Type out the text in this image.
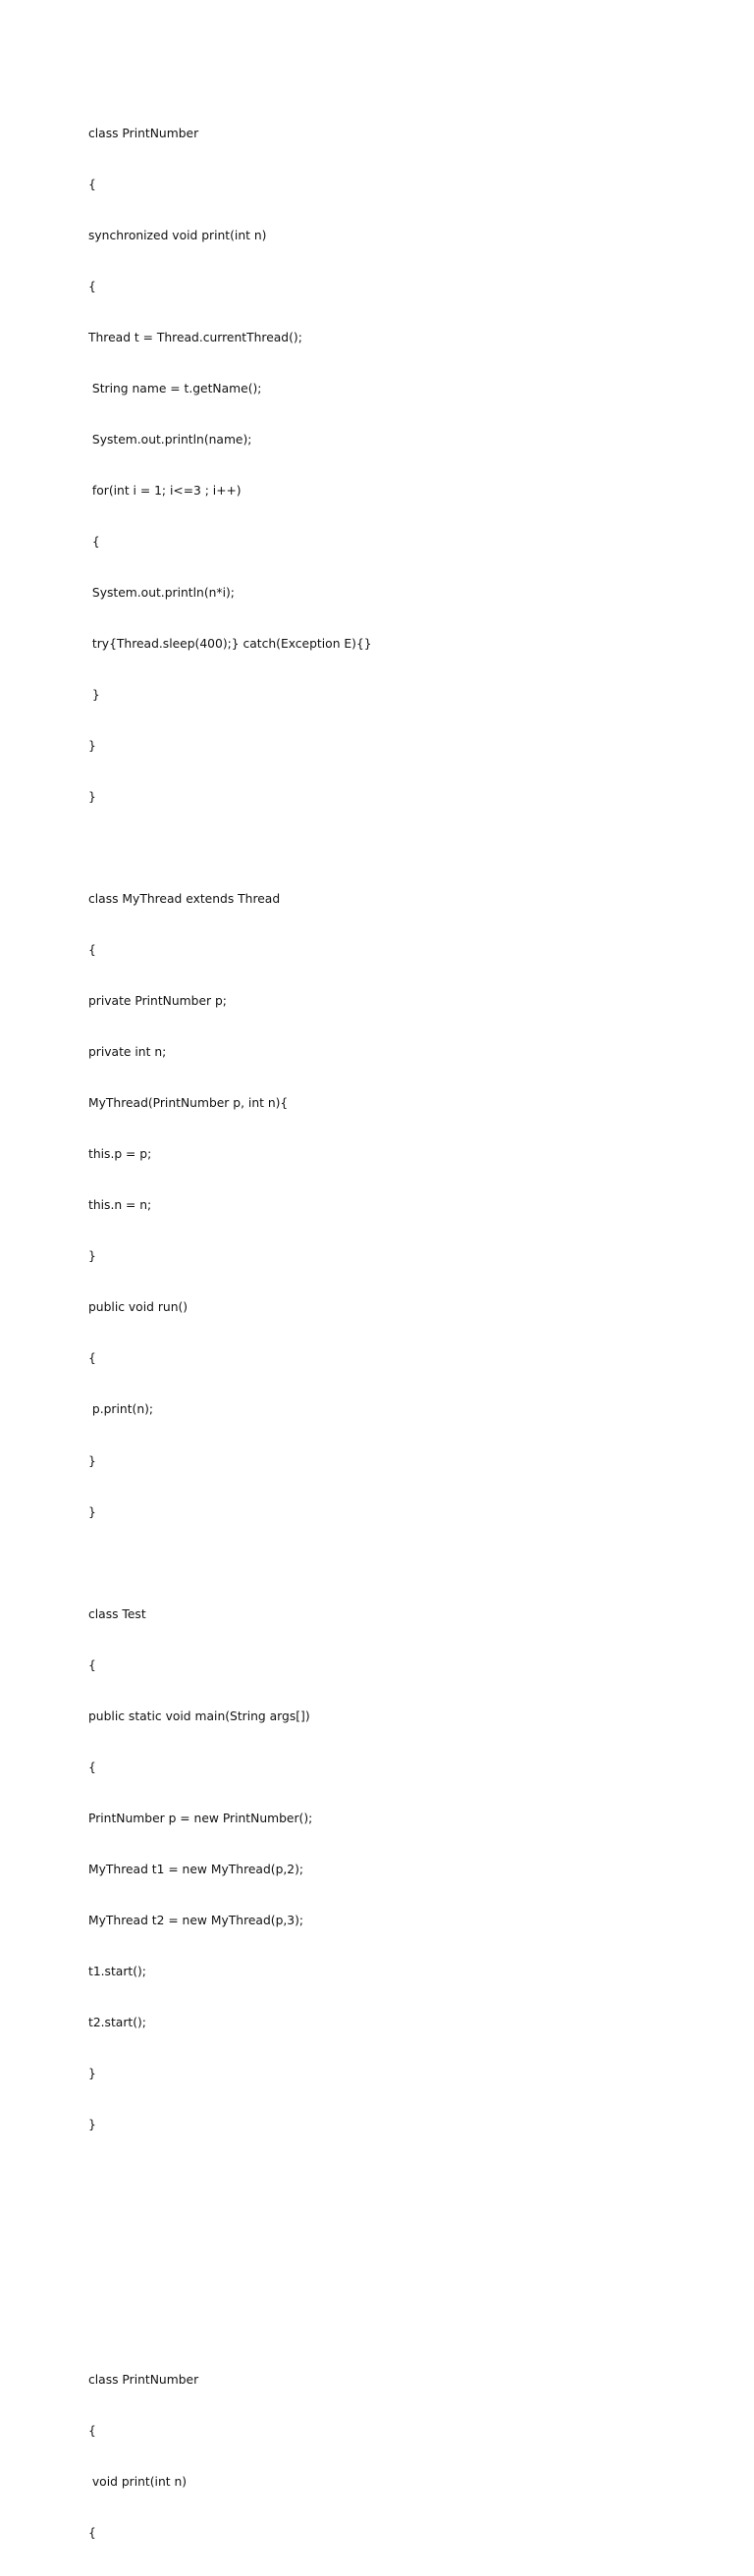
class PrintNumber

{

synchronized void print(int n)

{

Thread t = Thread.currentThread();

String name = t.getName();

System.out.println(name);

for(int i = 1; i<=3 ; i++)

{

System.out.println(n*i);

try{Thread.sleep(400);} catch(Exception E){}

}

}

}

class MyThread extends Thread

{

private PrintNumber p;

private int n;

MyThread(PrintNumber p, int n){

this.p = p;

this.n = n;

}

public void run()

{

p.print(n);

}

}

class Test

{

public static void main(String args[])

{

PrintNumber p = new PrintNumber();

MyThread t1 = new MyThread(p,2);

MyThread t2 = new MyThread(p,3);

t1.start();

t2.start();

}

}

class PrintNumber

{

void print(int n)

{
